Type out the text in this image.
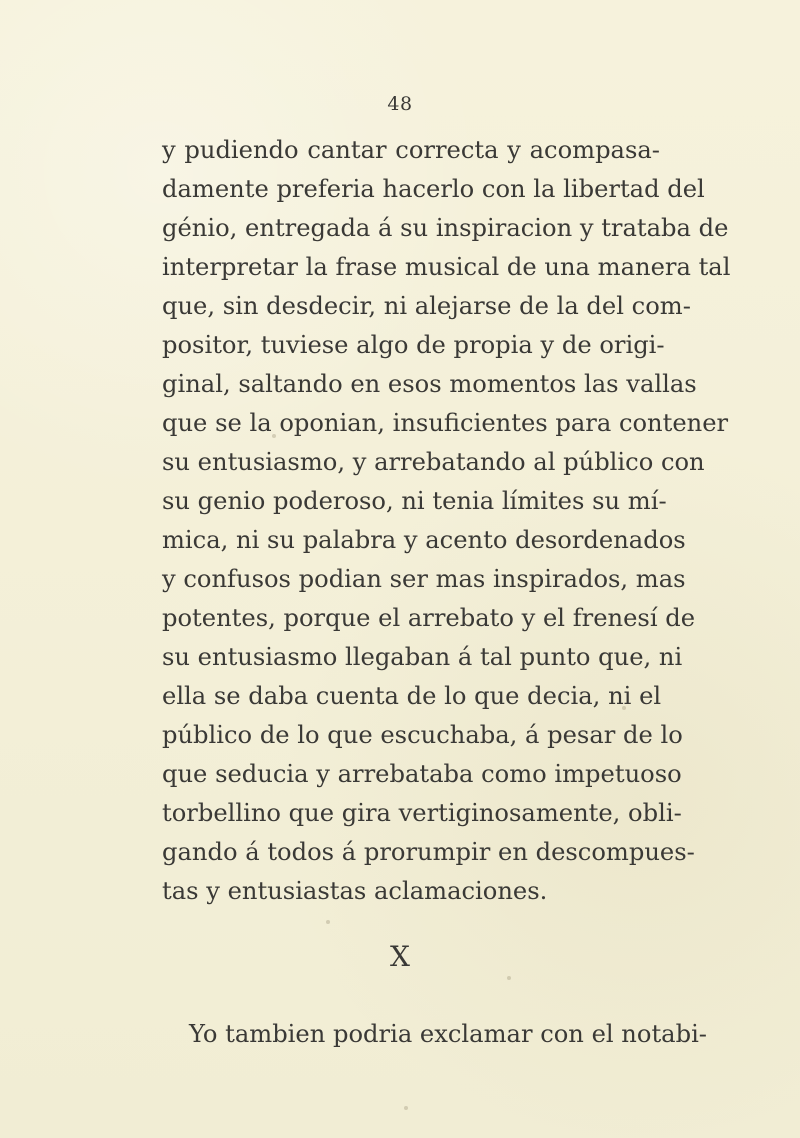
48
y pudiendo cantar correcta y acompasa-
damente preferia hacerlo con la libertad del
génio, entregada á su inspiracion y trataba de
interpretar la frase musical de una manera tal
que, sin desdecir, ni alejarse de la del com-
positor, tuviese algo de propia y de origi-
ginal, saltando en esos momentos las vallas
que se la oponian, insuficientes para contener
su entusiasmo, y arrebatando al público con
su genio poderoso, ni tenia límites su mí-
mica, ni su palabra y acento desordenados
y confusos podian ser mas inspirados, mas
potentes, porque el arrebato y el frenesí de
su entusiasmo llegaban á tal punto que, ni
ella se daba cuenta de lo que decia, ni el
público de lo que escuchaba, á pesar de lo
que seducia y arrebataba como impetuoso
torbellino que gira vertiginosamente, obli-
gando á todos á prorumpir en descompues-
tas y entusiastas aclamaciones.
X
Yo tambien podria exclamar con el notabi-
